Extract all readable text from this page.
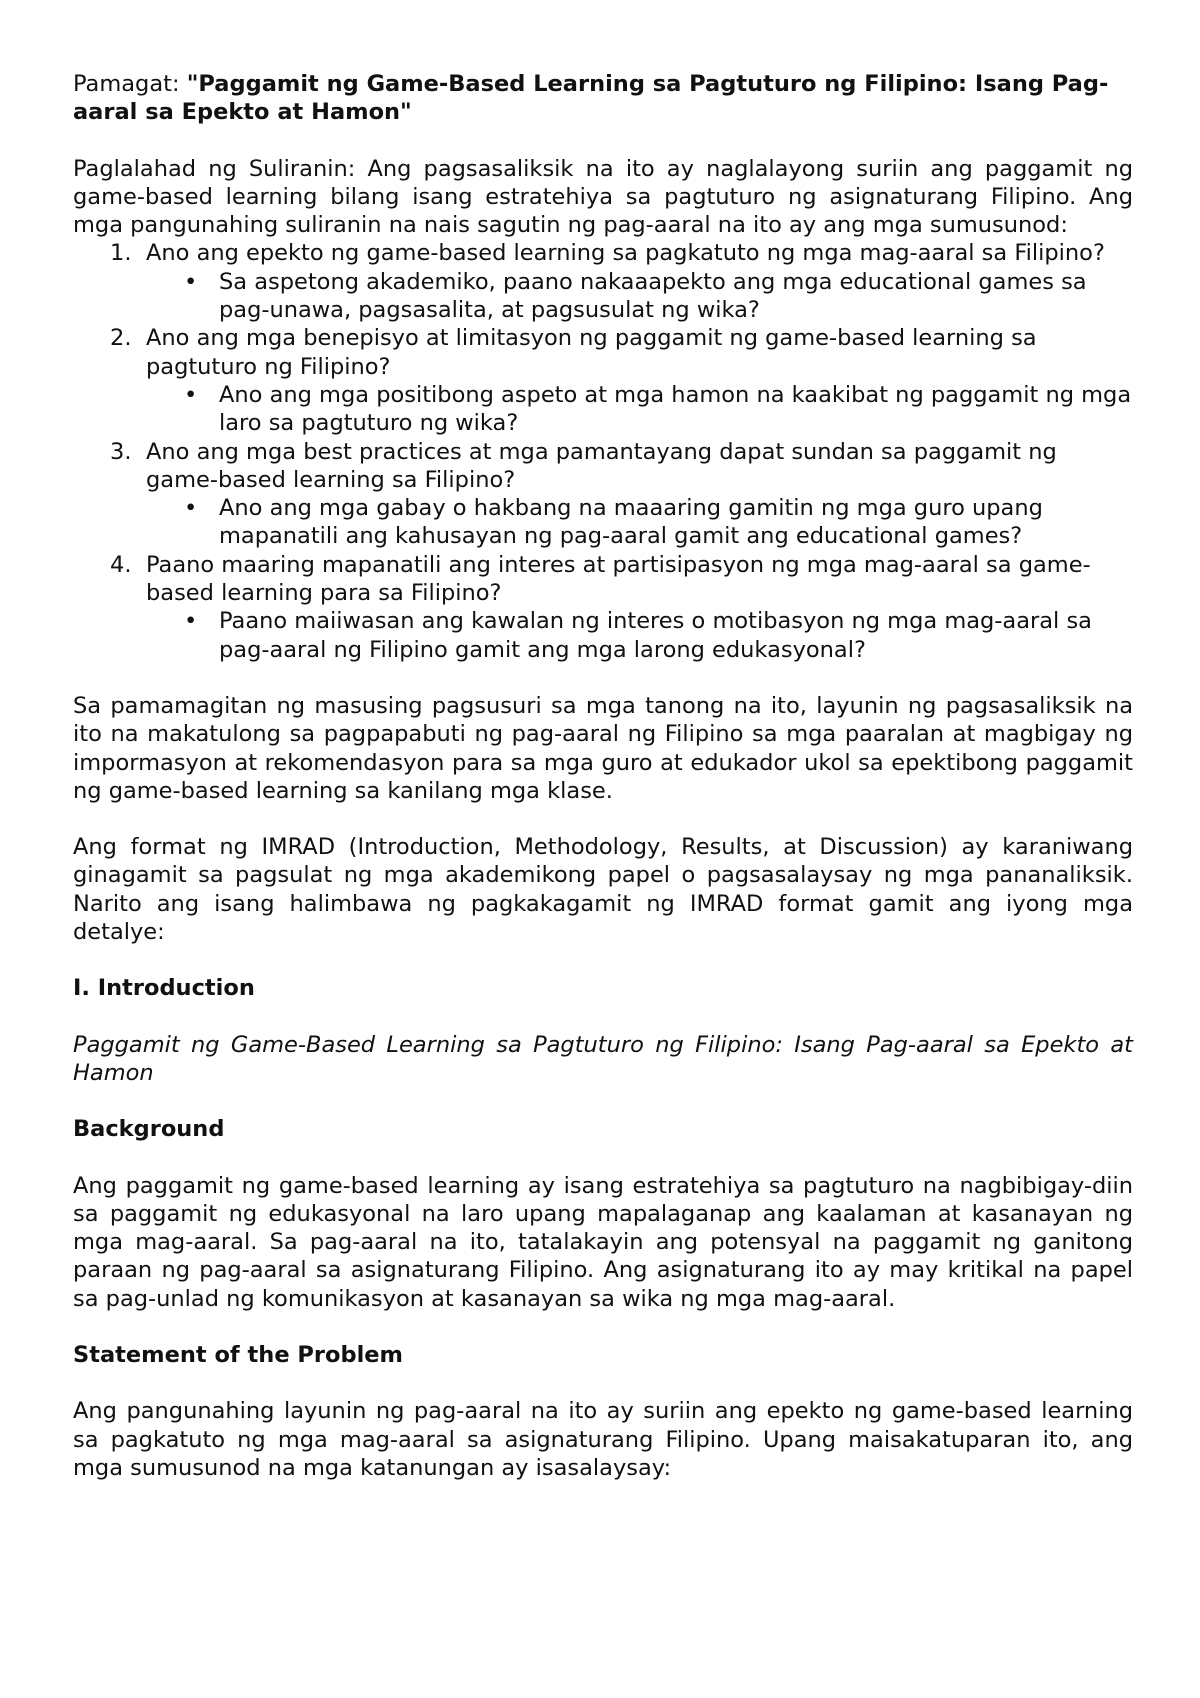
Pamagat: "Paggamit ng Game-Based Learning sa Pagtuturo ng Filipino: Isang Pag-aaral sa Epekto at Hamon"

Paglalahad ng Suliranin: Ang pagsasaliksik na ito ay naglalayong suriin ang paggamit ng game-based learning bilang isang estratehiya sa pagtuturo ng asignaturang Filipino. Ang mga pangunahing suliranin na nais sagutin ng pag-aaral na ito ay ang mga sumusunod:

1. Ano ang epekto ng game-based learning sa pagkatuto ng mga mag-aaral sa Filipino?
• Sa aspetong akademiko, paano nakaaapekto ang mga educational games sa pag-unawa, pagsasalita, at pagsusulat ng wika?
2. Ano ang mga benepisyo at limitasyon ng paggamit ng game-based learning sa pagtuturo ng Filipino?
• Ano ang mga positibong aspeto at mga hamon na kaakibat ng paggamit ng mga laro sa pagtuturo ng wika?
3. Ano ang mga best practices at mga pamantayang dapat sundan sa paggamit ng game-based learning sa Filipino?
• Ano ang mga gabay o hakbang na maaaring gamitin ng mga guro upang mapanatili ang kahusayan ng pag-aaral gamit ang educational games?
4. Paano maaring mapanatili ang interes at partisipasyon ng mga mag-aaral sa game-based learning para sa Filipino?
• Paano maiiwasan ang kawalan ng interes o motibasyon ng mga mag-aaral sa pag-aaral ng Filipino gamit ang mga larong edukasyonal?

Sa pamamagitan ng masusing pagsusuri sa mga tanong na ito, layunin ng pagsasaliksik na ito na makatulong sa pagpapabuti ng pag-aaral ng Filipino sa mga paaralan at magbigay ng impormasyon at rekomendasyon para sa mga guro at edukador ukol sa epektibong paggamit ng game-based learning sa kanilang mga klase.

Ang format ng IMRAD (Introduction, Methodology, Results, at Discussion) ay karaniwang ginagamit sa pagsulat ng mga akademikong papel o pagsasalaysay ng mga pananaliksik. Narito ang isang halimbawa ng pagkakagamit ng IMRAD format gamit ang iyong mga detalye:

I. Introduction

Paggamit ng Game-Based Learning sa Pagtuturo ng Filipino: Isang Pag-aaral sa Epekto at Hamon

Background

Ang paggamit ng game-based learning ay isang estratehiya sa pagtuturo na nagbibigay-diin sa paggamit ng edukasyonal na laro upang mapalaganap ang kaalaman at kasanayan ng mga mag-aaral. Sa pag-aaral na ito, tatalakayin ang potensyal na paggamit ng ganitong paraan ng pag-aaral sa asignaturang Filipino. Ang asignaturang ito ay may kritikal na papel sa pag-unlad ng komunikasyon at kasanayan sa wika ng mga mag-aaral.

Statement of the Problem

Ang pangunahing layunin ng pag-aaral na ito ay suriin ang epekto ng game-based learning sa pagkatuto ng mga mag-aaral sa asignaturang Filipino. Upang maisakatuparan ito, ang mga sumusunod na mga katanungan ay isasalaysay:
